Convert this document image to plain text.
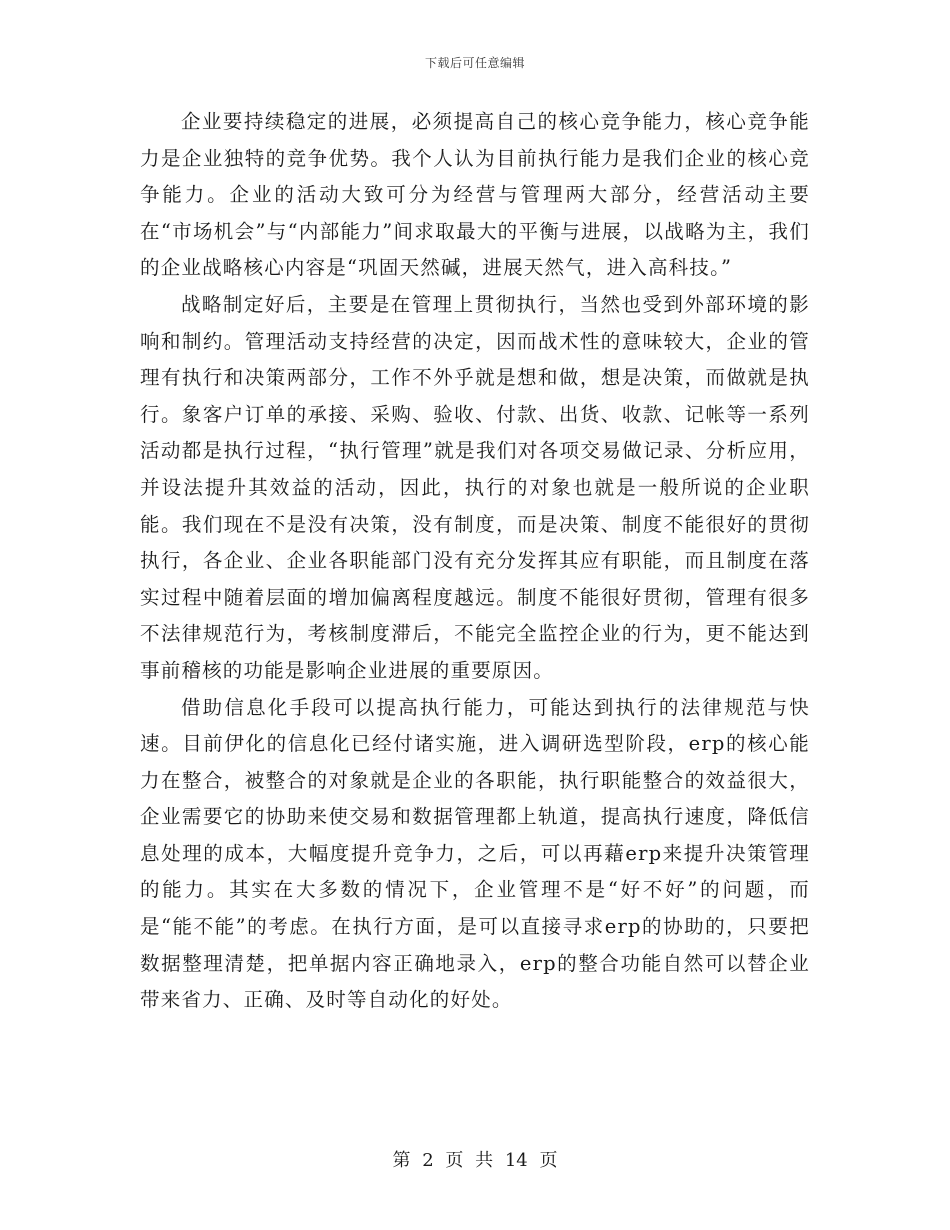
下载后可任意编辑

企业要持续稳定的进展，必须提高自己的核心竞争能力，核心竞争能力是企业独特的竞争优势。我个人认为目前执行能力是我们企业的核心竞争能力。企业的活动大致可分为经营与管理两大部分，经营活动主要在“市场机会”与“内部能力”间求取最大的平衡与进展，以战略为主，我们的企业战略核心内容是“巩固天然碱，进展天然气，进入高科技。”

战略制定好后，主要是在管理上贯彻执行，当然也受到外部环境的影响和制约。管理活动支持经营的决定，因而战术性的意味较大，企业的管理有执行和决策两部分，工作不外乎就是想和做，想是决策，而做就是执行。象客户订单的承接、采购、验收、付款、出货、收款、记帐等一系列活动都是执行过程，“执行管理”就是我们对各项交易做记录、分析应用，并设法提升其效益的活动，因此，执行的对象也就是一般所说的企业职能。我们现在不是没有决策，没有制度，而是决策、制度不能很好的贯彻执行，各企业、企业各职能部门没有充分发挥其应有职能，而且制度在落实过程中随着层面的增加偏离程度越远。制度不能很好贯彻，管理有很多不法律规范行为，考核制度滞后，不能完全监控企业的行为，更不能达到事前稽核的功能是影响企业进展的重要原因。

借助信息化手段可以提高执行能力，可能达到执行的法律规范与快速。目前伊化的信息化已经付诸实施，进入调研选型阶段，erp的核心能力在整合，被整合的对象就是企业的各职能，执行职能整合的效益很大，企业需要它的协助来使交易和数据管理都上轨道，提高执行速度，降低信息处理的成本，大幅度提升竞争力，之后，可以再藉erp来提升决策管理的能力。其实在大多数的情况下，企业管理不是“好不好”的问题，而是“能不能”的考虑。在执行方面，是可以直接寻求erp的协助的，只要把数据整理清楚，把单据内容正确地录入，erp的整合功能自然可以替企业带来省力、正确、及时等自动化的好处。

第 2 页 共 14 页
